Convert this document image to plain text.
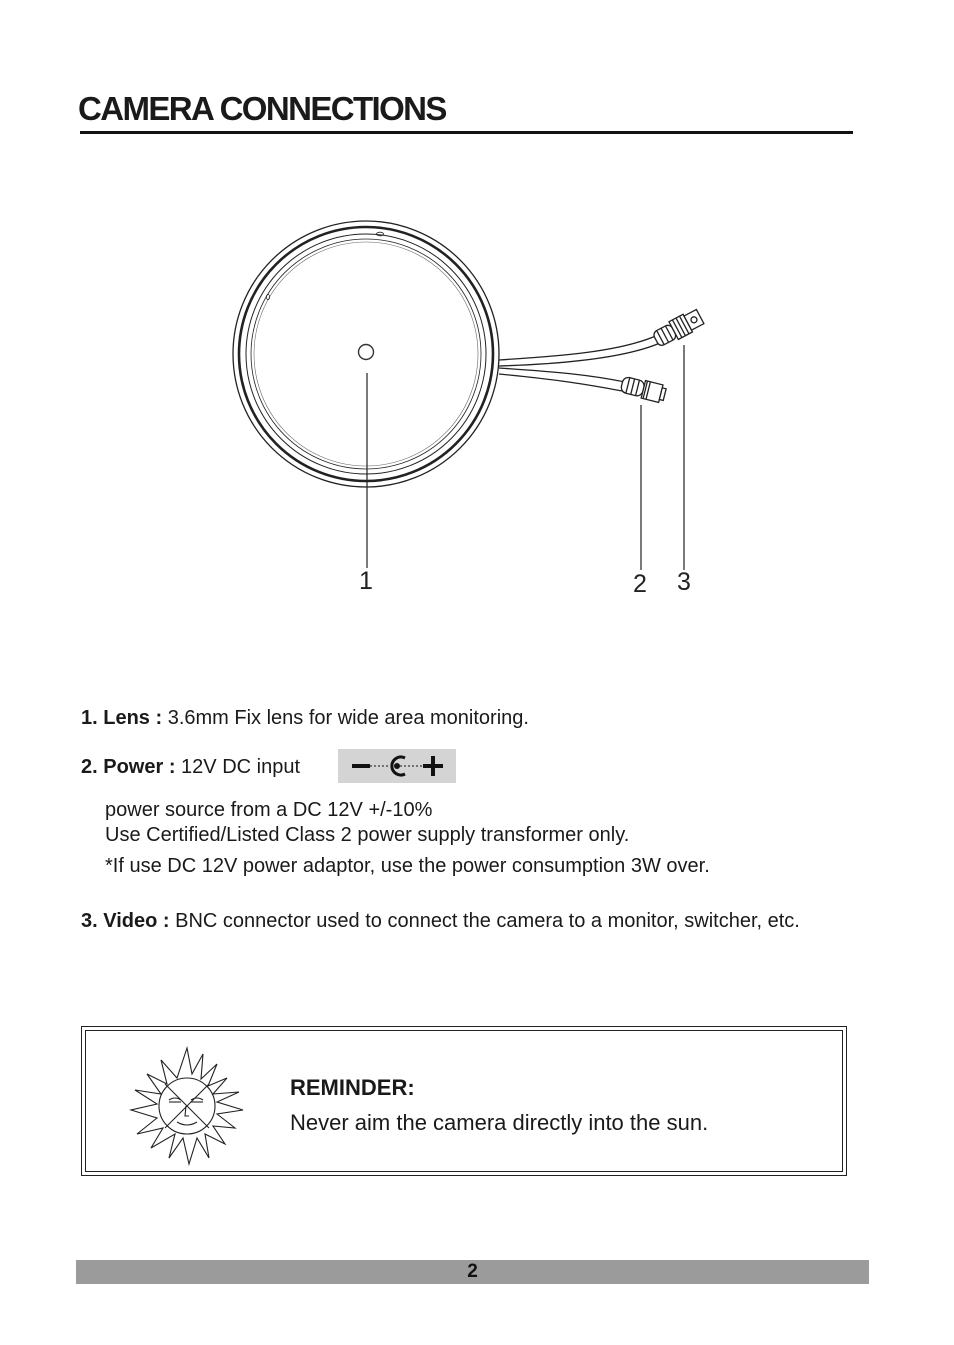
CAMERA CONNECTIONS
1	2 3
1. Lens : 3.6mm Fix lens for wide area monitoring.
2. Power : 12V DC input
power source from a DC 12V +/-10%
Use Certified/Listed Class 2 power supply transformer only.
*If use DC 12V power adaptor, use the power consumption 3W over.
3. Video : BNC connector used to connect the camera to a monitor, switcher, etc.
REMINDER:
Never aim the camera directly into the sun.
2
